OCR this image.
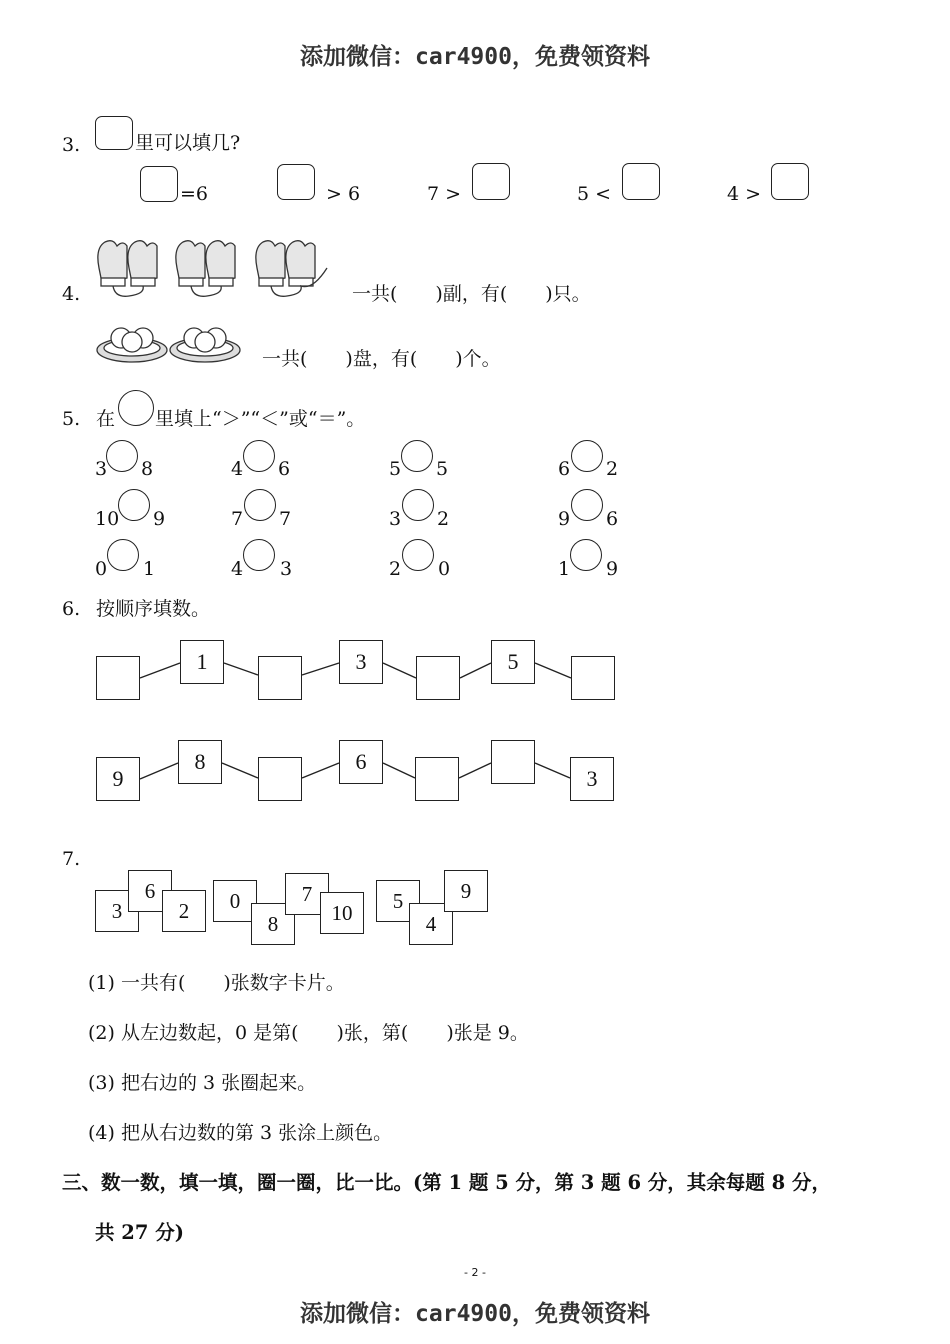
添加微信：car4900，免费领资料
添加微信：car4900，免费领资料
3.	里可以填几?
=6	> 6	7 >	5 <	4 >
4.	一共(　　)副，有(　　)只。
一共(　　)盘，有(　　)个。
5. 在 里填上“＞”“＜”或“＝”。
3 8	4 6	5 5	6 2
10 9	7 7	3 2	9 6
0 1	4 3	2 0	1 9
6. 按顺序填数。
1	3	5
9
8	6
3
7.
3
6
2	0
8
7
10	5
4
9
(1) 一共有(　　)张数字卡片。
(2) 从左边数起，0 是第(　　)张，第(　　)张是 9。
(3) 把右边的 3 张圈起来。
(4) 把从右边数的第 3 张涂上颜色。
三、数一数，填一填，圈一圈，比一比。(第 1 题 5 分，第 3 题 6 分，其余每题 8 分，
共 27 分)
- 2 -
